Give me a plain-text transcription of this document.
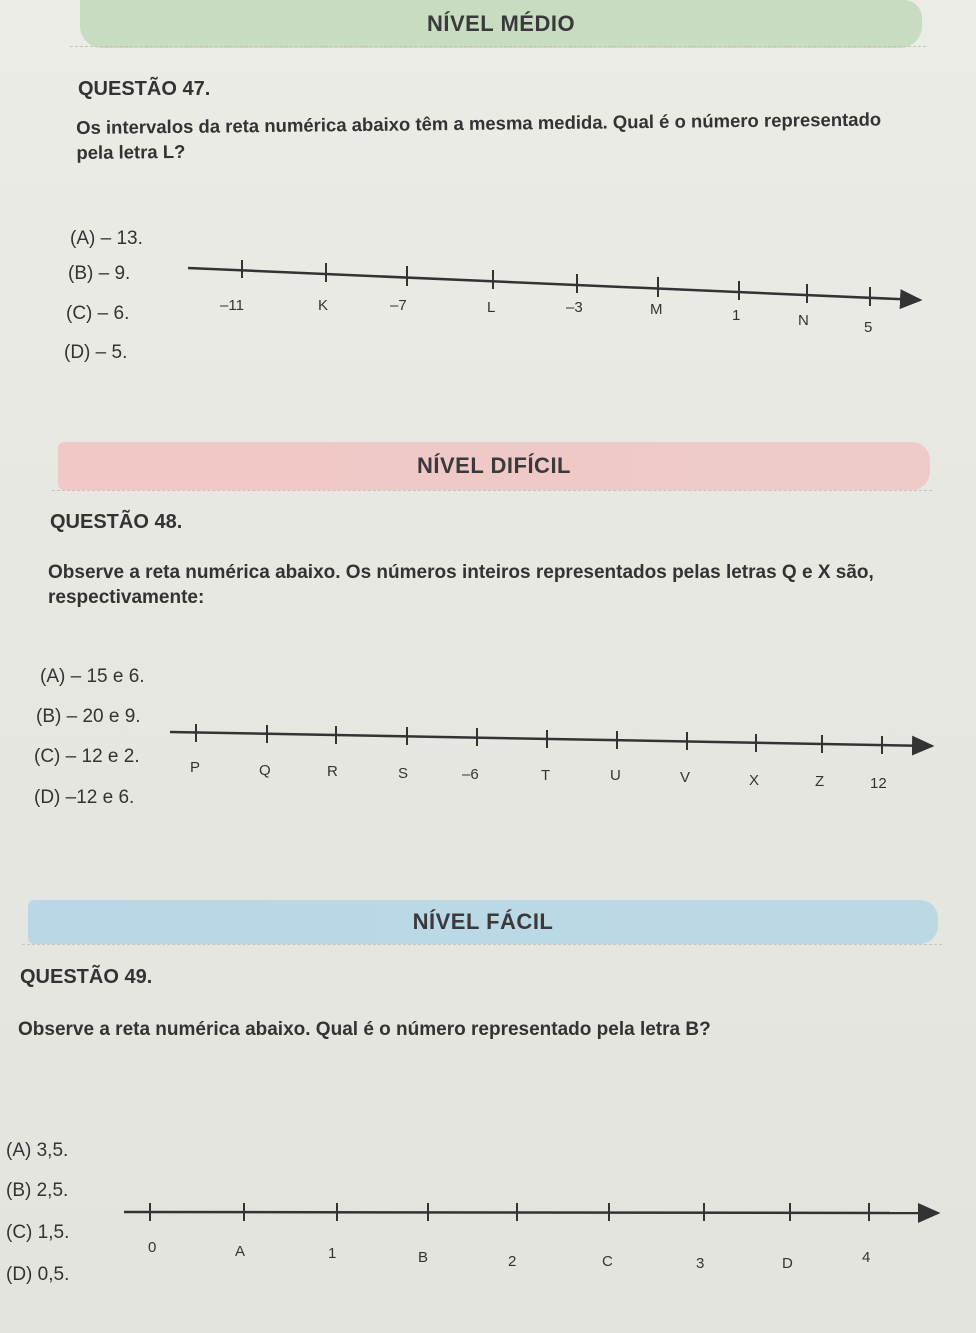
NÍVEL MÉDIO
QUESTÃO 47.
Os intervalos da reta numérica abaixo têm a mesma medida. Qual é o número representado
pela letra L?
(A) – 13.
(B) – 9.
(C) – 6.
(D) – 5.
–11	K	–7	L	–3	M	1	N	5
P	Q	R	S	–6	T	U	V	X	Z	12
0	A	1	B	2	C	3	D	4
NÍVEL DIFÍCIL
QUESTÃO 48.
Observe a reta numérica abaixo. Os números inteiros representados pelas letras Q e X são,
respectivamente:
(A) – 15 e 6.
(B) – 20 e 9.
(C) – 12 e 2.
(D) –12 e 6.
NÍVEL FÁCIL
QUESTÃO 49.
Observe a reta numérica abaixo. Qual é o número representado pela letra B?
(A) 3,5.
(B) 2,5.
(C) 1,5.
(D) 0,5.
